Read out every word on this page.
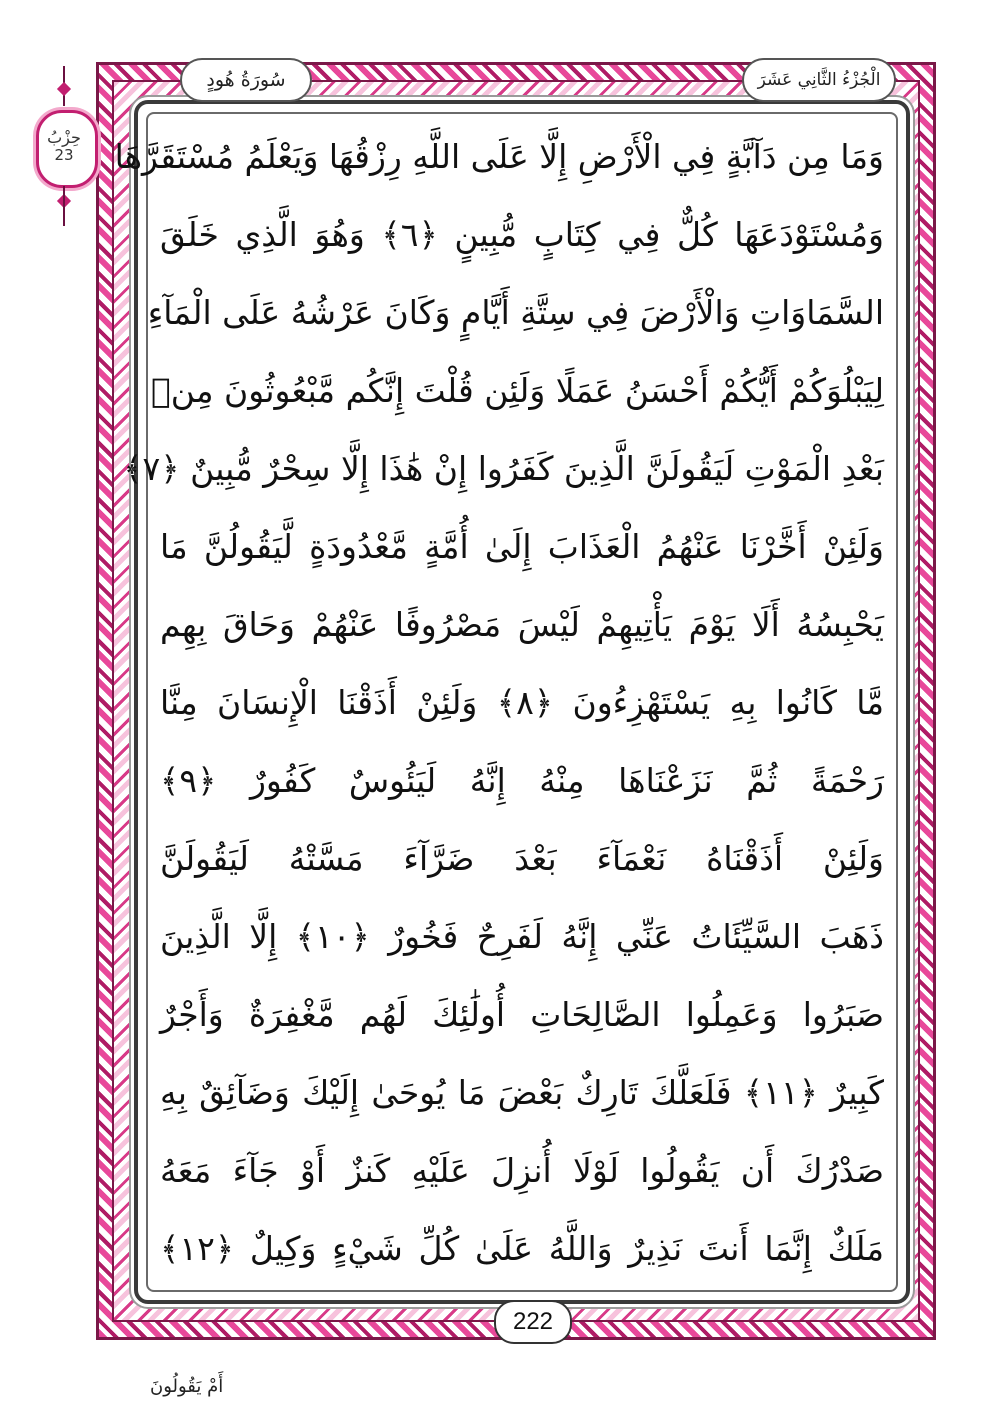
سُورَةُ هُودٍ	الْجُزْءُ الثَّانِي عَشَرَ
حِزْبُ
23 وَمَا مِن دَآبَّةٍ فِي الْأَرْضِ إِلَّا عَلَى اللَّهِ رِزْقُهَا وَيَعْلَمُ مُسْتَقَرَّهَا
وَمُسْتَوْدَعَهَا كُلٌّ فِي كِتَابٍ مُّبِينٍ ﴿٦﴾ وَهُوَ الَّذِي خَلَقَ
السَّمَاوَاتِ وَالْأَرْضَ فِي سِتَّةِ أَيَّامٍ وَكَانَ عَرْشُهُ عَلَى الْمَآءِ
لِيَبْلُوَكُمْ أَيُّكُمْ أَحْسَنُ عَمَلًا وَلَئِن قُلْتَ إِنَّكُم مَّبْعُوثُونَ مِنۢ
بَعْدِ الْمَوْتِ لَيَقُولَنَّ الَّذِينَ كَفَرُوا إِنْ هَٰذَا إِلَّا سِحْرٌ مُّبِينٌ ﴿٧﴾
وَلَئِنْ أَخَّرْنَا عَنْهُمُ الْعَذَابَ إِلَىٰ أُمَّةٍ مَّعْدُودَةٍ لَّيَقُولُنَّ مَا
يَحْبِسُهُ أَلَا يَوْمَ يَأْتِيهِمْ لَيْسَ مَصْرُوفًا عَنْهُمْ وَحَاقَ بِهِم
مَّا كَانُوا بِهِ يَسْتَهْزِءُونَ ﴿٨﴾ وَلَئِنْ أَذَقْنَا الْإِنسَانَ مِنَّا
رَحْمَةً ثُمَّ نَزَعْنَاهَا مِنْهُ إِنَّهُ لَيَئُوسٌ كَفُورٌ ﴿٩﴾
وَلَئِنْ أَذَقْنَاهُ نَعْمَآءَ بَعْدَ ضَرَّآءَ مَسَّتْهُ لَيَقُولَنَّ
ذَهَبَ السَّيِّئَاتُ عَنِّي إِنَّهُ لَفَرِحٌ فَخُورٌ ﴿١٠﴾ إِلَّا الَّذِينَ
صَبَرُوا وَعَمِلُوا الصَّالِحَاتِ أُولَٰئِكَ لَهُم مَّغْفِرَةٌ وَأَجْرٌ
كَبِيرٌ ﴿١١﴾ فَلَعَلَّكَ تَارِكٌ بَعْضَ مَا يُوحَىٰ إِلَيْكَ وَضَآئِقٌ بِهِ
صَدْرُكَ أَن يَقُولُوا لَوْلَا أُنزِلَ عَلَيْهِ كَنزٌ أَوْ جَآءَ مَعَهُ
مَلَكٌ إِنَّمَا أَنتَ نَذِيرٌ وَاللَّهُ عَلَىٰ كُلِّ شَيْءٍ وَكِيلٌ ﴿١٢﴾
222
أَمْ يَقُولُونَ
